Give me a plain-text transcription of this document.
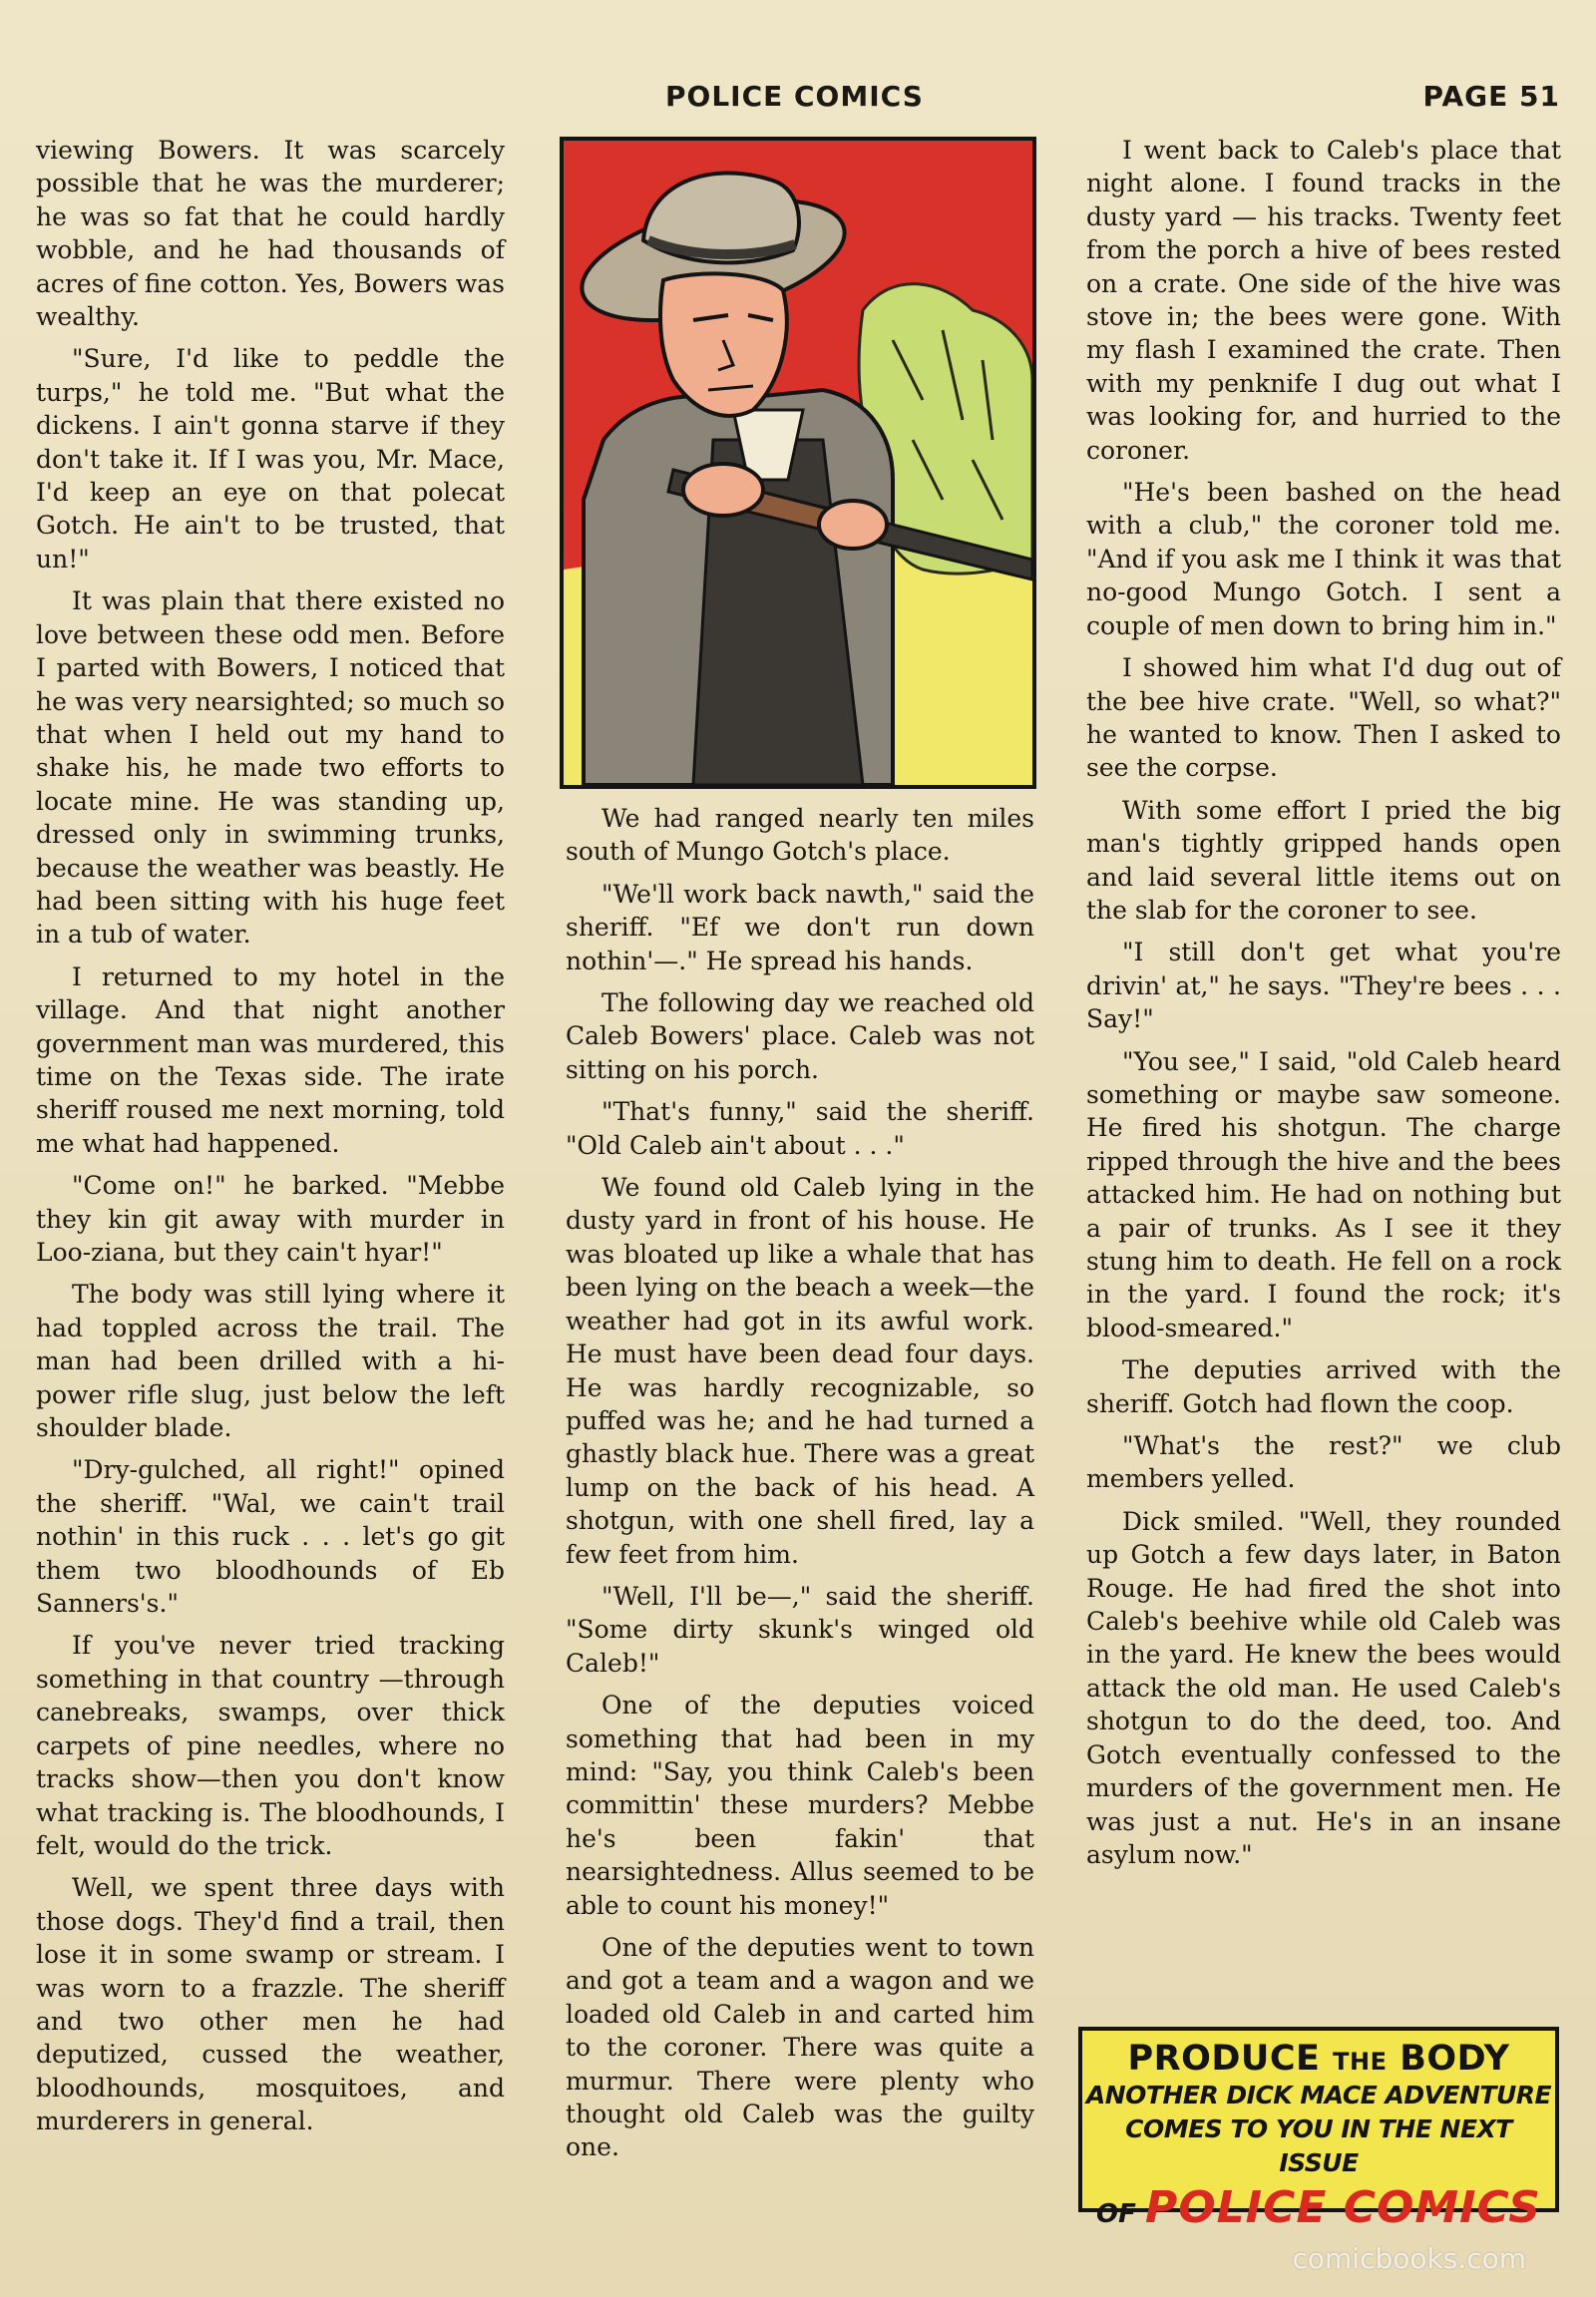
POLICE COMICS	PAGE 51

viewing Bowers. It was scarcely possible that he was the murderer; he was so fat that he could hardly wobble, and he had thousands of acres of fine cotton. Yes, Bowers was wealthy.

"Sure, I'd like to peddle the turps," he told me. "But what the dickens. I ain't gonna starve if they don't take it. If I was you, Mr. Mace, I'd keep an eye on that polecat Gotch. He ain't to be trusted, that un!"

It was plain that there existed no love between these odd men. Before I parted with Bowers, I noticed that he was very nearsighted; so much so that when I held out my hand to shake his, he made two efforts to locate mine. He was standing up, dressed only in swimming trunks, because the weather was beastly. He had been sitting with his huge feet in a tub of water.

I returned to my hotel in the village. And that night another government man was murdered, this time on the Texas side. The irate sheriff roused me next morning, told me what had happened.

"Come on!" he barked. "Mebbe they kin git away with murder in Loo-ziana, but they cain't hyar!"

The body was still lying where it had toppled across the trail. The man had been drilled with a hi-power rifle slug, just below the left shoulder blade.

"Dry-gulched, all right!" opined the sheriff. "Wal, we cain't trail nothin' in this ruck . . . let's go git them two bloodhounds of Eb Sanners's."

If you've never tried tracking something in that country —through canebreaks, swamps, over thick carpets of pine needles, where no tracks show—then you don't know what tracking is. The bloodhounds, I felt, would do the trick.

Well, we spent three days with those dogs. They'd find a trail, then lose it in some swamp or stream. I was worn to a frazzle. The sheriff and two other men he had deputized, cussed the weather, bloodhounds, mosquitoes, and murderers in general.

We had ranged nearly ten miles south of Mungo Gotch's place.

"We'll work back nawth," said the sheriff. "Ef we don't run down nothin'—." He spread his hands.

The following day we reached old Caleb Bowers' place. Caleb was not sitting on his porch.

"That's funny," said the sheriff. "Old Caleb ain't about . . ."

We found old Caleb lying in the dusty yard in front of his house. He was bloated up like a whale that has been lying on the beach a week—the weather had got in its awful work. He must have been dead four days. He was hardly recognizable, so puffed was he; and he had turned a ghastly black hue. There was a great lump on the back of his head. A shotgun, with one shell fired, lay a few feet from him.

"Well, I'll be—," said the sheriff. "Some dirty skunk's winged old Caleb!"

One of the deputies voiced something that had been in my mind: "Say, you think Caleb's been committin' these murders? Mebbe he's been fakin' that nearsightedness. Allus seemed to be able to count his money!"

One of the deputies went to town and got a team and a wagon and we loaded old Caleb in and carted him to the coroner. There was quite a murmur. There were plenty who thought old Caleb was the guilty one.

I went back to Caleb's place that night alone. I found tracks in the dusty yard — his tracks. Twenty feet from the porch a hive of bees rested on a crate. One side of the hive was stove in; the bees were gone. With my flash I examined the crate. Then with my penknife I dug out what I was looking for, and hurried to the coroner.

"He's been bashed on the head with a club," the coroner told me. "And if you ask me I think it was that no-good Mungo Gotch. I sent a couple of men down to bring him in."

I showed him what I'd dug out of the bee hive crate. "Well, so what?" he wanted to know. Then I asked to see the corpse.

With some effort I pried the big man's tightly gripped hands open and laid several little items out on the slab for the coroner to see.

"I still don't get what you're drivin' at," he says. "They're bees . . . Say!"

"You see," I said, "old Caleb heard something or maybe saw someone. He fired his shotgun. The charge ripped through the hive and the bees attacked him. He had on nothing but a pair of trunks. As I see it they stung him to death. He fell on a rock in the yard. I found the rock; it's blood-smeared."

The deputies arrived with the sheriff. Gotch had flown the coop.

"What's the rest?" we club members yelled.

Dick smiled. "Well, they rounded up Gotch a few days later, in Baton Rouge. He had fired the shot into Caleb's beehive while old Caleb was in the yard. He knew the bees would attack the old man. He used Caleb's shotgun to do the deed, too. And Gotch eventually confessed to the murders of the government men. He was just a nut. He's in an insane asylum now."

PRODUCE THE BODY
ANOTHER DICK MACE ADVENTURE
COMES TO YOU IN THE NEXT ISSUE
OF POLICE COMICS
comicbooks.com
